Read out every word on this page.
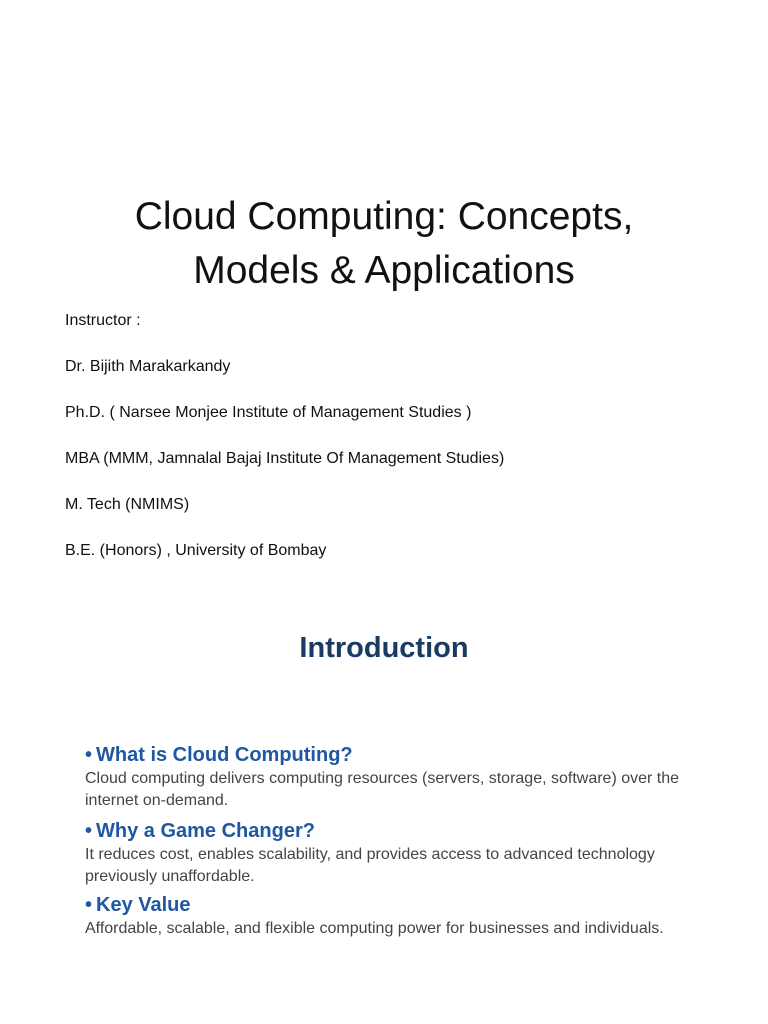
Cloud Computing: Concepts,
Models & Applications
Instructor :
Dr. Bijith Marakarkandy
Ph.D. ( Narsee Monjee Institute of Management Studies )
MBA (MMM, Jamnalal Bajaj Institute Of Management Studies)
M. Tech (NMIMS)
B.E. (Honors) , University of Bombay
Introduction
• What is Cloud Computing?
Cloud computing delivers computing resources (servers, storage, software) over the internet on-demand.
• Why a Game Changer?
It reduces cost, enables scalability, and provides access to advanced technology previously unaffordable.
• Key Value
Affordable, scalable, and flexible computing power for businesses and individuals.
